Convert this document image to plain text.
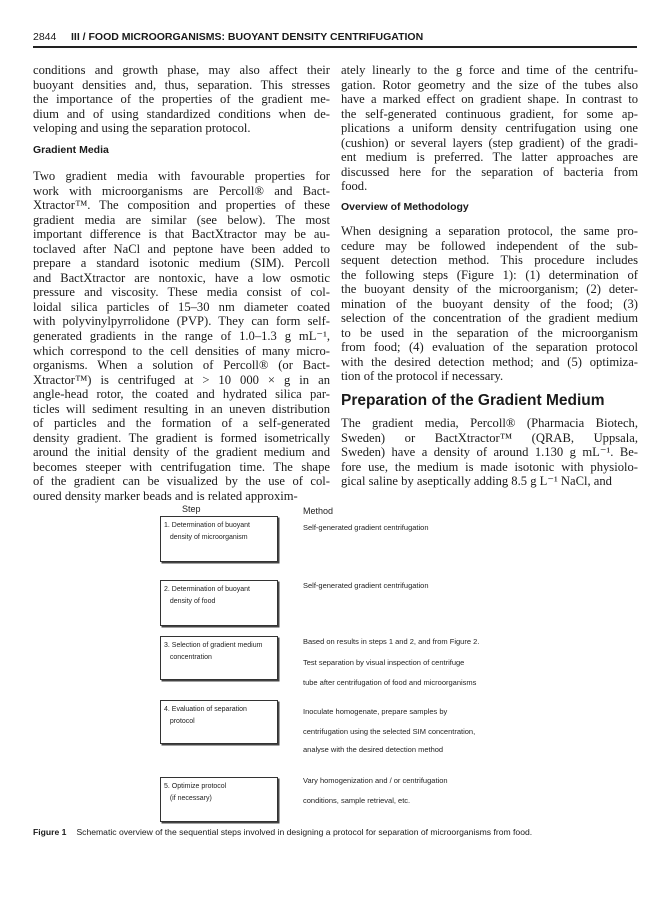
2844 III / FOOD MICROORGANISMS: BUOYANT DENSITY CENTRIFUGATION
conditions and growth phase, may also affect their
buoyant densities and, thus, separation. This stresses
the importance of the properties of the gradient me-
dium and of using standardized conditions when de-
veloping and using the separation protocol.
Gradient Media
Two gradient media with favourable properties for
work with microorganisms are Percoll® and Bact-
Xtractor™. The composition and properties of these
gradient media are similar (see below). The most
important difference is that BactXtractor may be au-
toclaved after NaCl and peptone have been added to
prepare a standard isotonic medium (SIM). Percoll
and BactXtractor are nontoxic, have a low osmotic
pressure and viscosity. These media consist of col-
loidal silica particles of 15–30 nm diameter coated
with polyvinylpyrrolidone (PVP). They can form self-
generated gradients in the range of 1.0–1.3 g mL⁻¹,
which correspond to the cell densities of many micro-
organisms. When a solution of Percoll® (or Bact-
Xtractor™) is centrifuged at > 10 000 × g in an
angle-head rotor, the coated and hydrated silica par-
ticles will sediment resulting in an uneven distribution
of particles and the formation of a self-generated
density gradient. The gradient is formed isometrically
around the initial density of the gradient medium and
becomes steeper with centrifugation time. The shape
of the gradient can be visualized by the use of col-
oured density marker beads and is related approxim-
ately linearly to the g force and time of the centrifu-
gation. Rotor geometry and the size of the tubes also
have a marked effect on gradient shape. In contrast to
the self-generated continuous gradient, for some ap-
plications a uniform density centrifugation using one
(cushion) or several layers (step gradient) of the gradi-
ent medium is preferred. The latter approaches are
discussed here for the separation of bacteria from
food.
Overview of Methodology
When designing a separation protocol, the same pro-
cedure may be followed independent of the sub-
sequent detection method. This procedure includes
the following steps (Figure 1): (1) determination of
the buoyant density of the microorganism; (2) deter-
mination of the buoyant density of the food; (3)
selection of the concentration of the gradient medium
to be used in the separation of the microorganism
from food; (4) evaluation of the separation protocol
with the desired detection method; and (5) optimiza-
tion of the protocol if necessary.
Preparation of the Gradient Medium
The gradient media, Percoll® (Pharmacia Biotech,
Sweden) or BactXtractor™ (QRAB, Uppsala,
Sweden) have a density of around 1.130 g mL⁻¹. Be-
fore use, the medium is made isotonic with physiolo-
gical saline by aseptically adding 8.5 g L⁻¹ NaCl, and
Step	Method
1. Determination of buoyant
density of microorganism
Self-generated gradient centrifugation
2. Determination of buoyant
density of food
Self-generated gradient centrifugation
3. Selection of gradient medium
concentration
Based on results in steps 1 and 2, and from Figure 2.
Test separation by visual inspection of centrifuge
tube after centrifugation of food and microorganisms
4. Evaluation of separation
protocol
Inoculate homogenate, prepare samples by
centrifugation using the selected SIM concentration,
analyse with the desired detection method
5. Optimize protocol
(if necessary)
Vary homogenization and / or centrifugation
conditions, sample retrieval, etc.
Figure 1 Schematic overview of the sequential steps involved in designing a protocol for separation of microorganisms from food.
